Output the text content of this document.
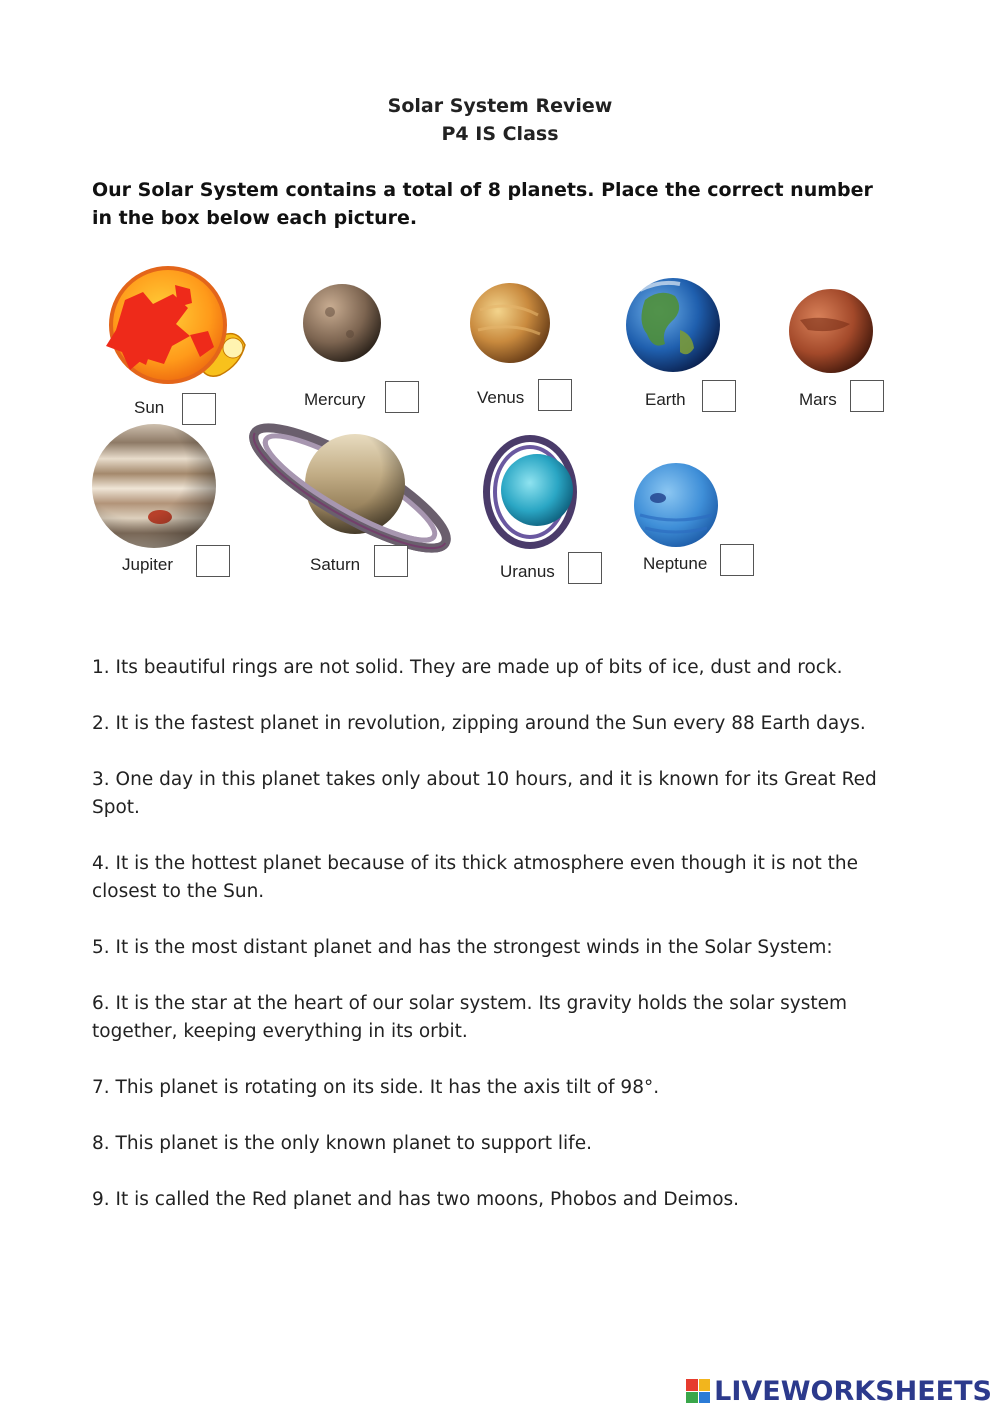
Solar System Review
P4 IS Class
Our Solar System contains a total of 8 planets. Place the correct number in the box below each picture.
Sun	Mercury	Venus	Earth	Mars
Jupiter	Saturn	Uranus	Neptune
1. Its beautiful rings are not solid. They are made up of bits of ice, dust and rock.
2. It is the fastest planet in revolution, zipping around the Sun every 88 Earth days.
3. One day in this planet takes only about 10 hours, and it is known for its Great Red Spot.
4. It is the hottest planet because of its thick atmosphere even though it is not the closest to the Sun.
5. It is the most distant planet and has the strongest winds in the Solar System:
6. It is the star at the heart of our solar system. Its gravity holds the solar system together, keeping everything in its orbit.
7. This planet is rotating on its side. It has the axis tilt of 98°.
8. This planet is the only known planet to support life.
9. It is called the Red planet and has two moons, Phobos and Deimos.
LIVEWORKSHEETS
